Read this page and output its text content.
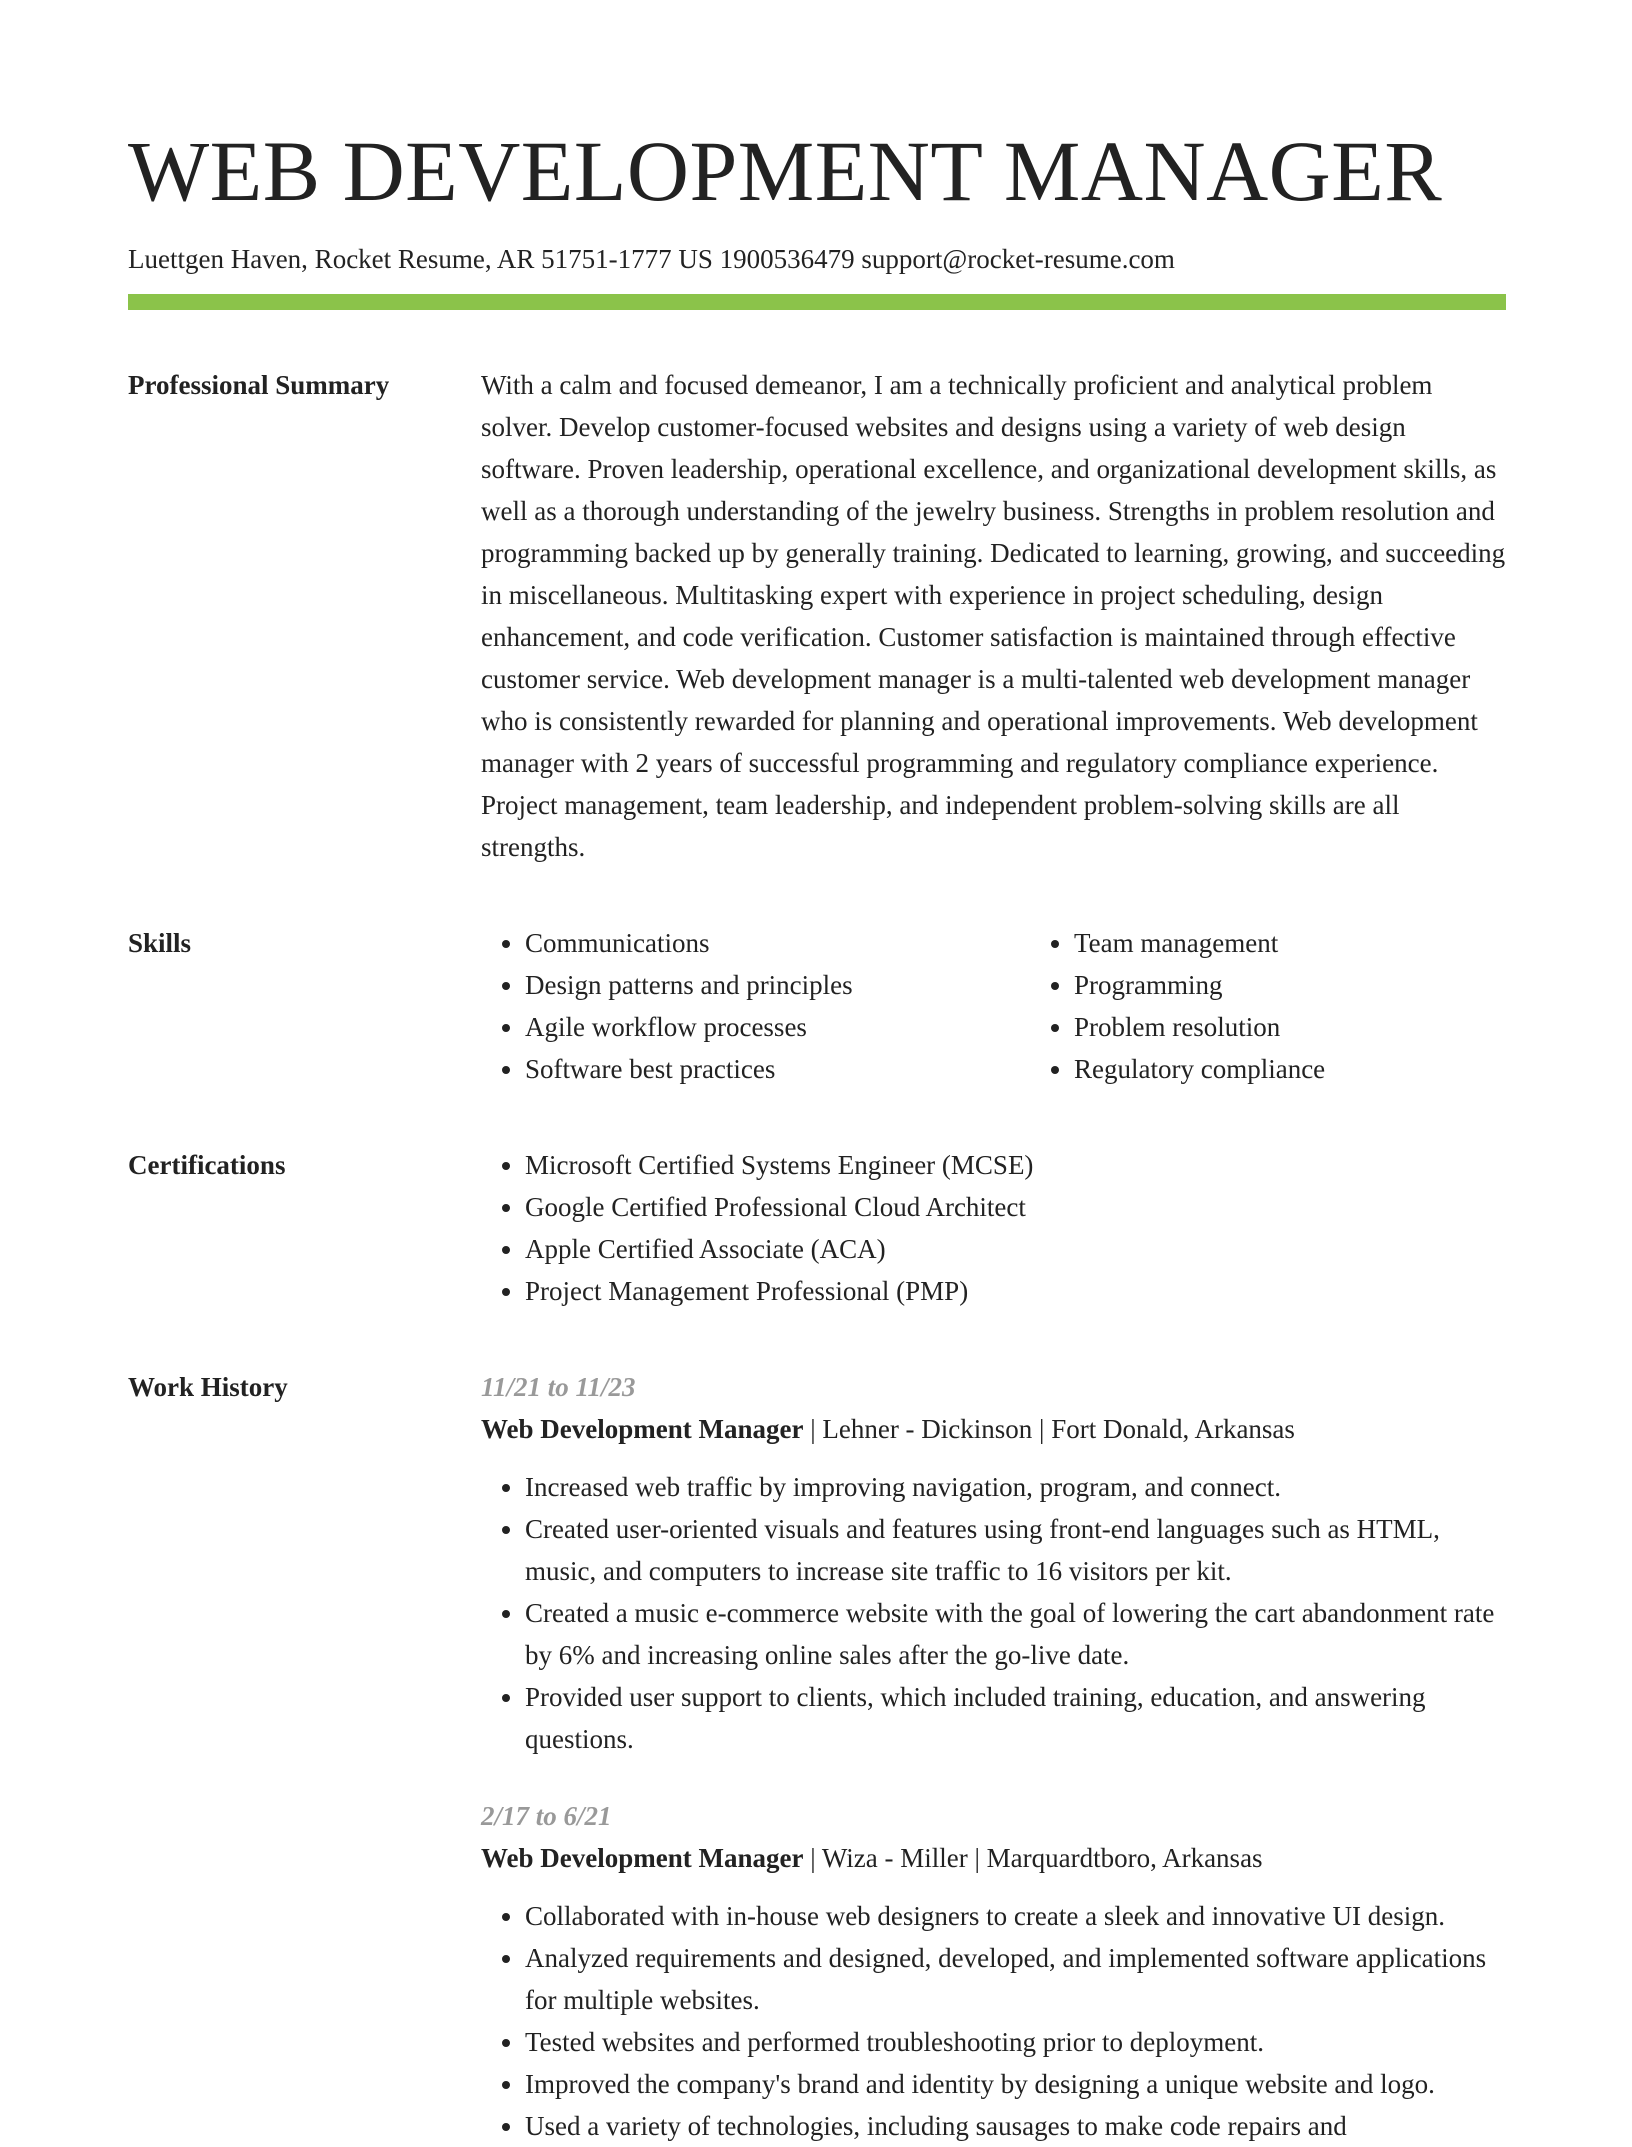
WEB DEVELOPMENT MANAGER
Luettgen Haven, Rocket Resume, AR 51751-1777 US 1900536479 support@rocket-resume.com
Professional Summary	With a calm and focused demeanor, I am a technically proficient and analytical problem solver. Develop customer-focused websites and designs using a variety of web design software. Proven leadership, operational excellence, and organizational development skills, as well as a thorough understanding of the jewelry business. Strengths in problem resolution and programming backed up by generally training. Dedicated to learning, growing, and succeeding in miscellaneous. Multitasking expert with experience in project scheduling, design enhancement, and code verification. Customer satisfaction is maintained through effective customer service. Web development manager is a multi-talented web development manager who is consistently rewarded for planning and operational improvements. Web development manager with 2 years of successful programming and regulatory compliance experience. Project management, team leadership, and independent problem-solving skills are all strengths.

Skills	• Communications
• Design patterns and principles
• Agile workflow processes
• Software best practices
• Team management
• Programming
• Problem resolution
• Regulatory compliance
Certifications	• Microsoft Certified Systems Engineer (MCSE)
• Google Certified Professional Cloud Architect
• Apple Certified Associate (ACA)
• Project Management Professional (PMP)
Work History	11/21 to 11/23
Web Development Manager | Lehner - Dickinson | Fort Donald, Arkansas
• Increased web traffic by improving navigation, program, and connect.
• Created user-oriented visuals and features using front-end languages such as HTML, music, and computers to increase site traffic to 16 visitors per kit.
• Created a music e-commerce website with the goal of lowering the cart abandonment rate by 6% and increasing online sales after the go-live date.
• Provided user support to clients, which included training, education, and answering questions.
2/17 to 6/21
Web Development Manager | Wiza - Miller | Marquardtboro, Arkansas
• Collaborated with in-house web designers to create a sleek and innovative UI design.
• Analyzed requirements and designed, developed, and implemented software applications for multiple websites.
• Tested websites and performed troubleshooting prior to deployment.
• Improved the company's brand and identity by designing a unique website and logo.
• Used a variety of technologies, including sausages to make code repairs and
